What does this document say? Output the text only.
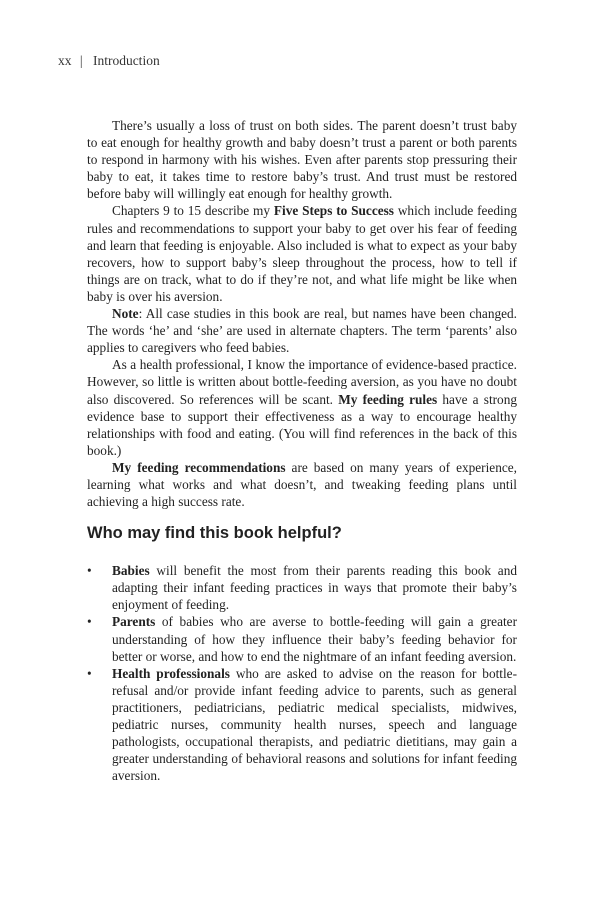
xx | Introduction

There’s usually a loss of trust on both sides. The parent doesn’t trust baby to eat enough for healthy growth and baby doesn’t trust a parent or both parents to respond in harmony with his wishes. Even after parents stop pressuring their baby to eat, it takes time to restore baby’s trust. And trust must be restored before baby will willingly eat enough for healthy growth.

Chapters 9 to 15 describe my Five Steps to Success which include feeding rules and recommendations to support your baby to get over his fear of feeding and learn that feeding is enjoyable. Also included is what to expect as your baby recovers, how to support baby’s sleep throughout the process, how to tell if things are on track, what to do if they’re not, and what life might be like when baby is over his aversion.

Note: All case studies in this book are real, but names have been changed. The words ‘he’ and ‘she’ are used in alternate chapters. The term ‘parents’ also applies to caregivers who feed babies.

As a health professional, I know the importance of evidence-based practice. However, so little is written about bottle-feeding aversion, as you have no doubt also discovered. So references will be scant. My feeding rules have a strong evidence base to support their effectiveness as a way to encourage healthy relationships with food and eating. (You will find references in the back of this book.)

My feeding recommendations are based on many years of experience, learning what works and what doesn’t, and tweaking feeding plans until achieving a high success rate.

Who may find this book helpful?
• Babies will benefit the most from their parents reading this book and adapting their infant feeding practices in ways that promote their baby’s enjoyment of feeding.
• Parents of babies who are averse to bottle-feeding will gain a greater understanding of how they influence their baby’s feeding behavior for better or worse, and how to end the nightmare of an infant feeding aversion.
• Health professionals who are asked to advise on the reason for bottle-refusal and/or provide infant feeding advice to parents, such as general practitioners, pediatricians, pediatric medical specialists, midwives, pediatric nurses, community health nurses, speech and language pathologists, occupational therapists, and pediatric dietitians, may gain a greater understanding of behavioral reasons and solutions for infant feeding aversion.
